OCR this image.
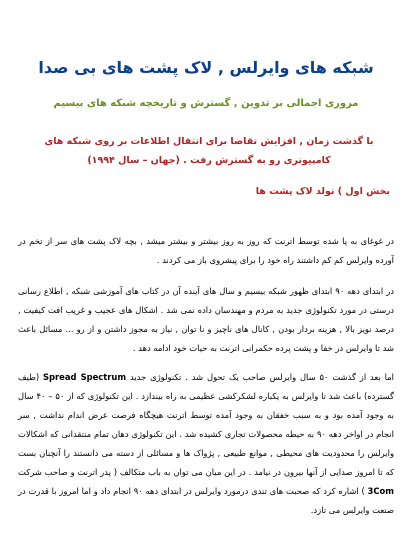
شبکه های وایرلس , لاک پشت های بی صدا
مروری اجمالی بر تدوین , گسترش و تاریخچه شبکه های بیسیم
با گذشت زمان , افزایش تقاضا برای انتقال اطلاعات بر روی شبکه های کامپیوتری رو به گسترش رفت . (جهان – سال ۱۹۹۴)
بخش اول ) تولد لاک پشت ها
در غوغای به پا شده توسط اترنت که روز به روز بیشتر و بیشتر میشد , بچه لاک پشت های سر از تخم در آورده وایرلس کم کم داشتند راه خود را برای پیشروی باز می کردند .
در ابتدای دهه ۹۰ ابتدای ظهور شبکه بیسیم و سال های آینده آن در کتاب های آموزشی شبکه , اطلاع رسانی درستی در مورد تکنولوژی جدید به مردم و مهندسان داده نمی شد . اشکال های عجیب و غریب افت کیفیت , درصد نویز بالا , هزینه بردار بودن , کانال های ناچیز و نا توان , نیاز به مجوز داشتن و از رو ... مسائل باعث شد تا وایرلس در خفا و پشت پرده حکمرانی اترنت به حیات خود ادامه دهد .
اما بعد از گذشت ۵۰ سال وایرلس صاحب یک تحول شد . تکنولوژی جدید Spread Spectrum (طیف گسترده) باعث شد تا وایرلس به یکباره لشکرکشی عظیمی به راه بیندازد . این تکنولوژی که از ۵۰ – ۴۰ سال به وجود آمده بود و به سبب خفقان به وجود آمده توسط اترنت هیچگاه فرصت عرض اندام نداشت , سر انجام در اواخر دهه ۹۰ به حیطه محصولات تجاری کشیده شد . این تکنولوژی دهان تمام منتقدانی که اشکالات وایرلس را محدودیت های محیطی , موانع طبیعی , پژواک ها و مسائلی از دسته می دانستند را آنچنان بست که تا امروز صدایی از آنها بیرون در نیامد . در این میان می توان به باب متکالف ( پدر اترنت و صاحب شرکت 3Com ) اشاره کرد که صحبت های تندی درمورد وایرلس در ابتدای دهه ۹۰ انجام داد و اما امروز با قدرت در صنعت وایرلس می تازد.
